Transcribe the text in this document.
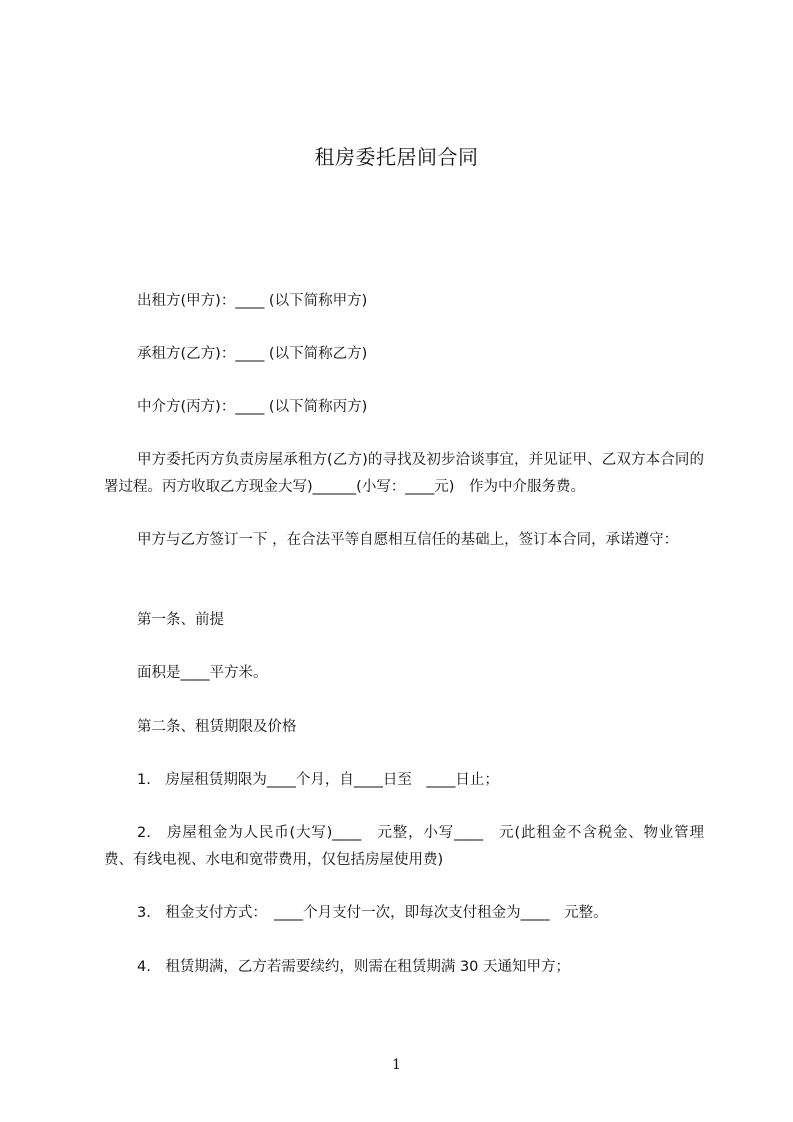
租房委托居间合同
出租方(甲方)：____ (以下简称甲方)
承租方(乙方)：____ (以下简称乙方)
中介方(丙方)：____ (以下简称丙方)
甲方委托丙方负责房屋承租方(乙方)的寻找及初步洽谈事宜，并见证甲、乙双方本合同的署过程。丙方收取乙方现金大写)______(小写：____元)　作为中介服务费。
甲方与乙方签订一下 ，在合法平等自愿相互信任的基础上，签订本合同，承诺遵守：
第一条、前提
面积是____平方米。
第二条、租赁期限及价格
1.　房屋租赁期限为____个月，自____日至　____日止；
2.　房屋租金为人民币(大写)____　元整，小写____　元(此租金不含税金、物业管理费、有线电视、水电和宽带费用，仅包括房屋使用费)
3.　租金支付方式：　____个月支付一次，即每次支付租金为____　元整。
4.　租赁期满，乙方若需要续约，则需在租赁期满 30 天通知甲方；
1
